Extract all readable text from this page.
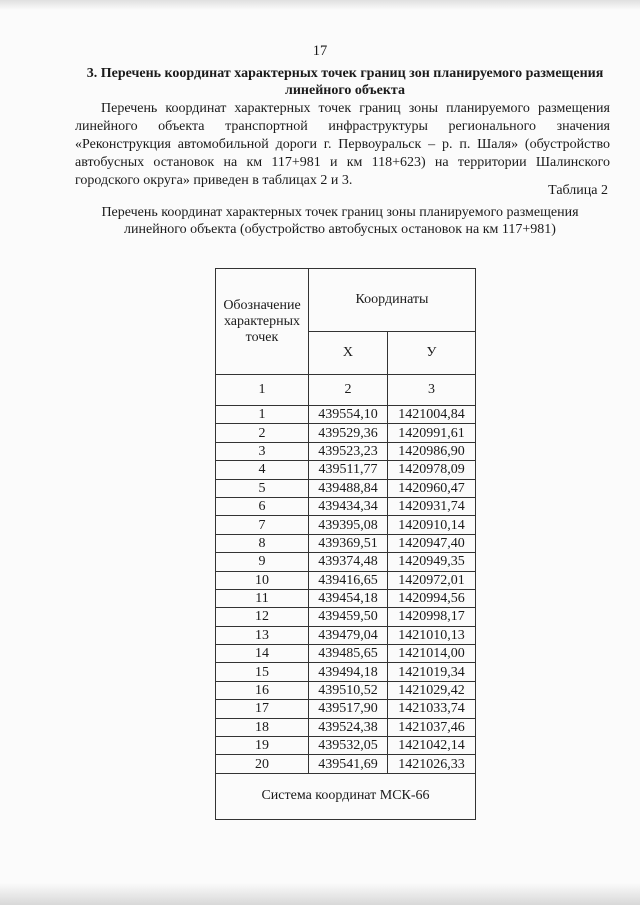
17
3. Перечень координат характерных точек границ зон планируемого размещения линейного объекта
Перечень координат характерных точек границ зоны планируемого размещения линейного объекта транспортной инфраструктуры регионального значения «Реконструкция автомобильной дороги г. Первоуральск – р. п. Шаля» (обустройство автобусных остановок на км 117+981 и км 118+623) на территории Шалинского городского округа» приведен в таблицах 2 и 3.
Таблица 2
Перечень координат характерных точек границ зоны планируемого размещения линейного объекта (обустройство автобусных остановок на км 117+981)
Обозначение характерных точек	Координаты	
	Х	У
1	2	3
1	439554,10	1421004,84
2	439529,36	1420991,61
3	439523,23	1420986,90
4	439511,77	1420978,09
5	439488,84	1420960,47
6	439434,34	1420931,74
7	439395,08	1420910,14
8	439369,51	1420947,40
9	439374,48	1420949,35
10	439416,65	1420972,01
11	439454,18	1420994,56
12	439459,50	1420998,17
13	439479,04	1421010,13
14	439485,65	1421014,00
15	439494,18	1421019,34
16	439510,52	1421029,42
17	439517,90	1421033,74
18	439524,38	1421037,46
19	439532,05	1421042,14
20	439541,69	1421026,33
Система координат МСК-66		
